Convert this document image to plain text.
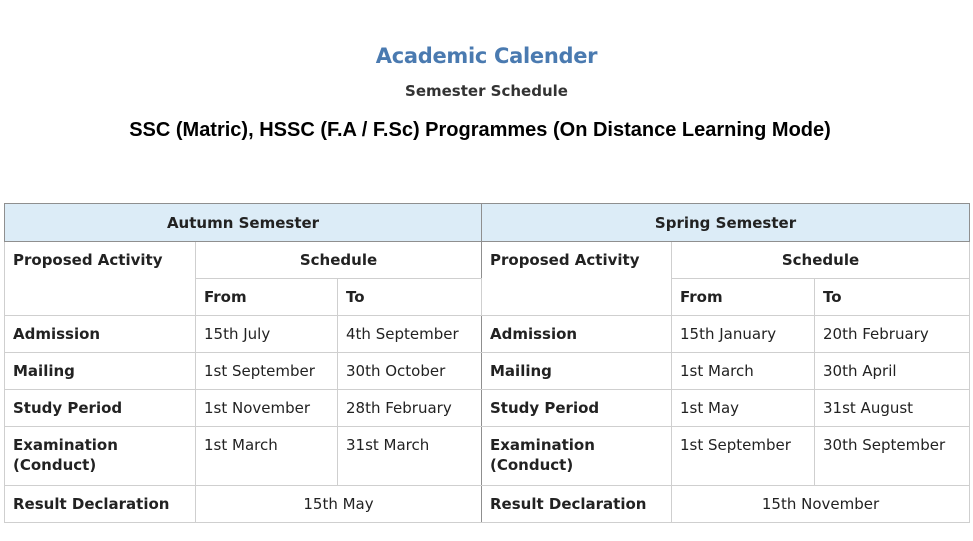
Academic Calender
Semester Schedule
SSC (Matric), HSSC (F.A / F.Sc) Programmes (On Distance Learning Mode)
Autumn Semester			Spring Semester		
Proposed Activity	Schedule		Proposed Activity	Schedule	
	From	To		From	To
Admission	15th July	4th September	Admission	15th January	20th February
Mailing	1st September	30th October	Mailing	1st March	30th April
Study Period	1st November	28th February	Study Period	1st May	31st August
Examination (Conduct)	1st March	31st March	Examination (Conduct)	1st September	30th September
Result Declaration	15th May		Result Declaration	15th November	
